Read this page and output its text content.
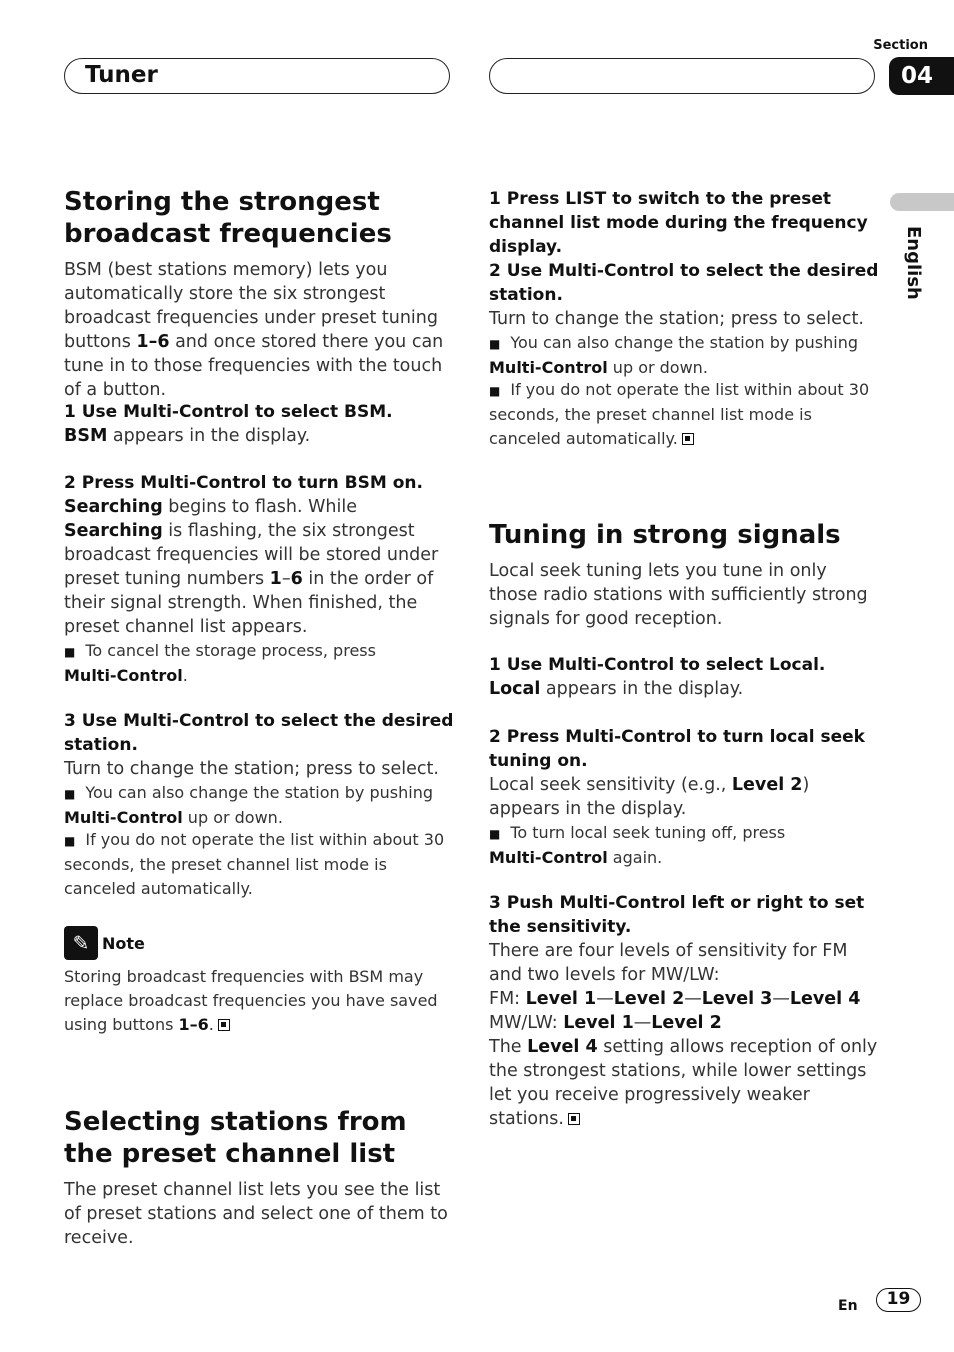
Tuner
Section
04
English
Storing the strongest broadcast frequencies

BSM (best stations memory) lets you automatically store the six strongest broadcast frequencies under preset tuning buttons 1–6 and once stored there you can tune in to those frequencies with the touch of a button.

1 Use Multi-Control to select BSM.

BSM appears in the display.

2 Press Multi-Control to turn BSM on.

Searching begins to flash. While Searching is flashing, the six strongest broadcast frequencies will be stored under preset tuning numbers 1–6 in the order of their signal strength. When finished, the preset channel list appears.

■ To cancel the storage process, press
Multi-Control.

3 Use Multi-Control to select the desired station.

Turn to change the station; press to select.

■ You can also change the station by pushing
Multi-Control up or down.

■ If you do not operate the list within about 30 seconds, the preset channel list mode is canceled automatically.

✎ Note

Storing broadcast frequencies with BSM may replace broadcast frequencies you have saved using buttons 1–6.

Selecting stations from the preset channel list

The preset channel list lets you see the list of preset stations and select one of them to receive.

1 Press LIST to switch to the preset channel list mode during the frequency display.
2 Use Multi-Control to select the desired station.

Turn to change the station; press to select.

■ You can also change the station by pushing
Multi-Control up or down.

■ If you do not operate the list within about 30 seconds, the preset channel list mode is canceled automatically.

Tuning in strong signals

Local seek tuning lets you tune in only those radio stations with sufficiently strong signals for good reception.

1 Use Multi-Control to select Local.

Local appears in the display.

2 Press Multi-Control to turn local seek tuning on.

Local seek sensitivity (e.g., Level 2) appears in the display.

■ To turn local seek tuning off, press
Multi-Control again.

3 Push Multi-Control left or right to set the sensitivity.

There are four levels of sensitivity for FM and two levels for MW/LW:

FM: Level 1—Level 2—Level 3—Level 4

MW/LW: Level 1—Level 2

The Level 4 setting allows reception of only the strongest stations, while lower settings let you receive progressively weaker stations.

En	19
